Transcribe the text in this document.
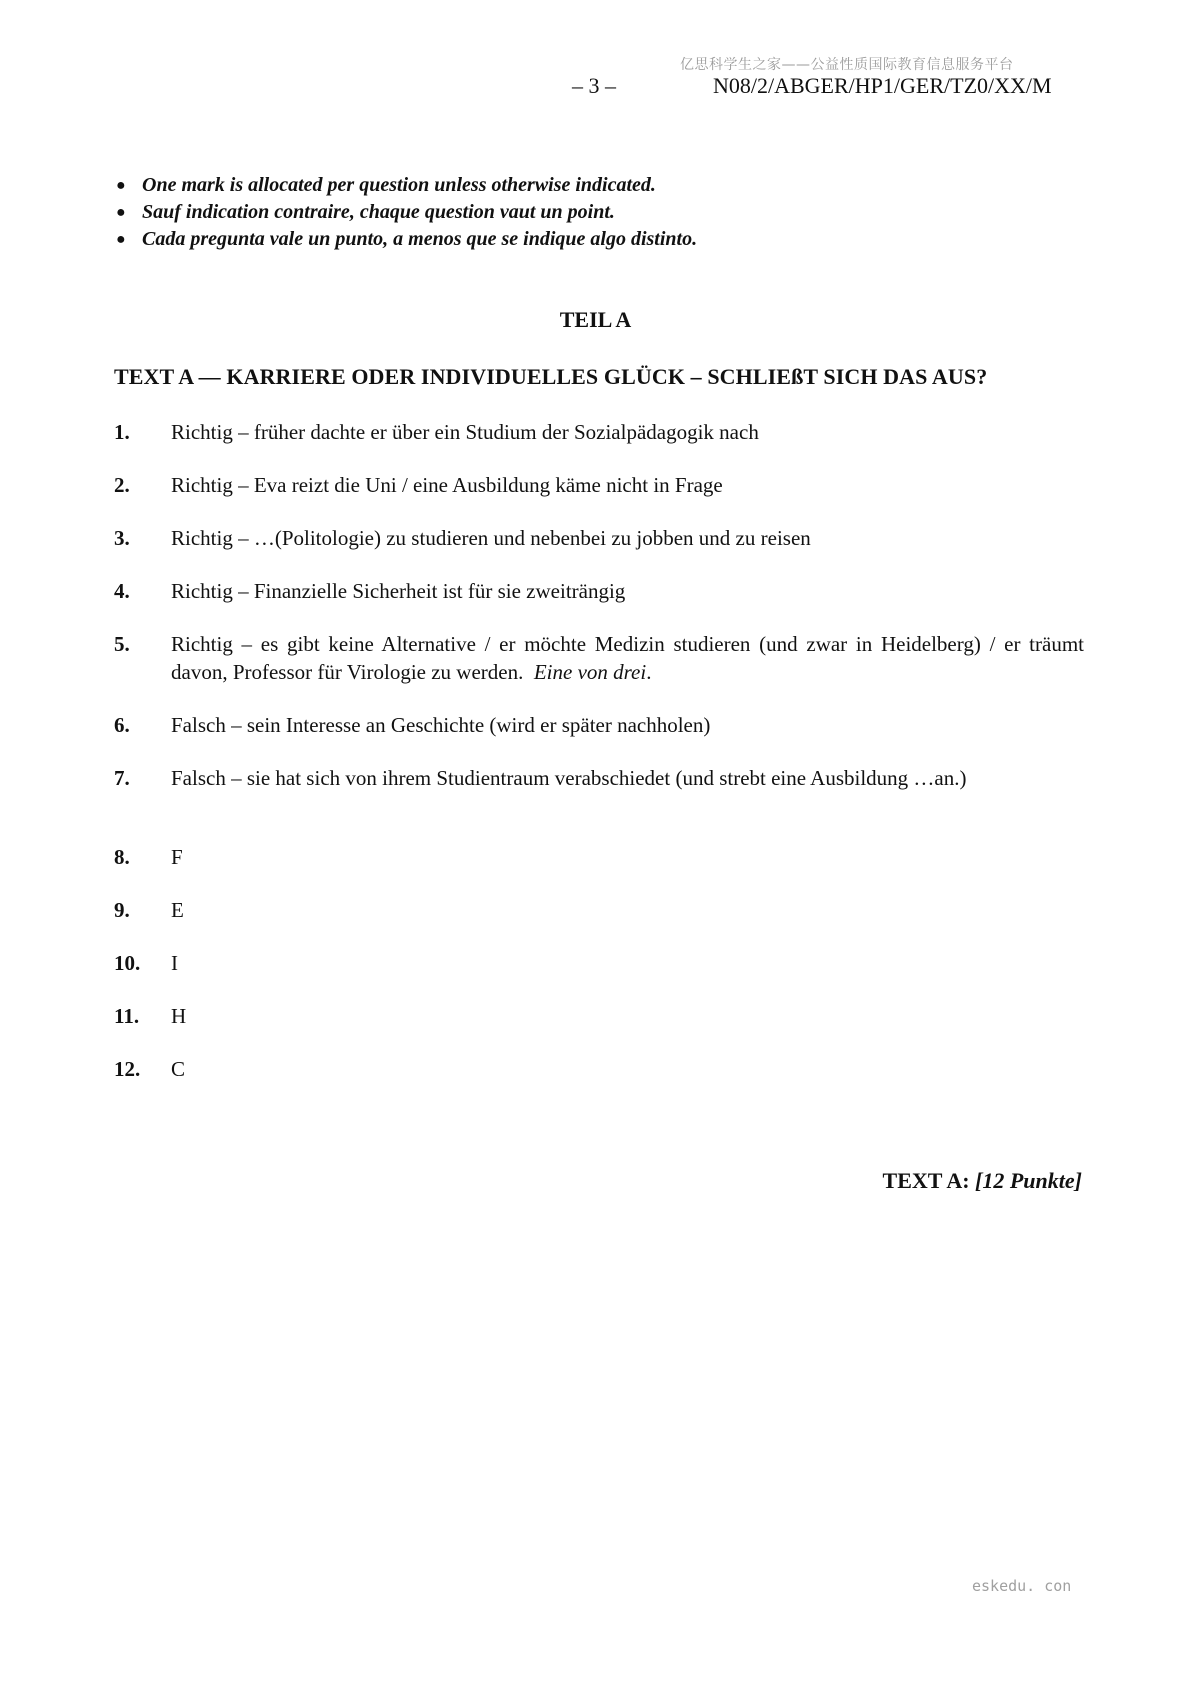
亿思科学生之家——公益性质国际教育信息服务平台
– 3 –	N08/2/ABGER/HP1/GER/TZ0/XX/M
● One mark is allocated per question unless otherwise indicated.
● Sauf indication contraire, chaque question vaut un point.
● Cada pregunta vale un punto, a menos que se indique algo distinto.
TEIL A
TEXT A — KARRIERE ODER INDIVIDUELLES GLÜCK – SCHLIEßT SICH DAS AUS?
1. Richtig – früher dachte er über ein Studium der Sozialpädagogik nach
2. Richtig – Eva reizt die Uni / eine Ausbildung käme nicht in Frage
3. Richtig – …(Politologie) zu studieren und nebenbei zu jobben und zu reisen
4. Richtig – Finanzielle Sicherheit ist für sie zweiträngig
5. Richtig – es gibt keine Alternative / er möchte Medizin studieren (und zwar in Heidelberg) / er träumt davon, Professor für Virologie zu werden. Eine von drei.
6. Falsch – sein Interesse an Geschichte (wird er später nachholen)
7. Falsch – sie hat sich von ihrem Studientraum verabschiedet (und strebt eine Ausbildung …an.)
8. F
9. E
10. I
11. H
12. C
TEXT A: [12 Punkte]
eskedu. con
